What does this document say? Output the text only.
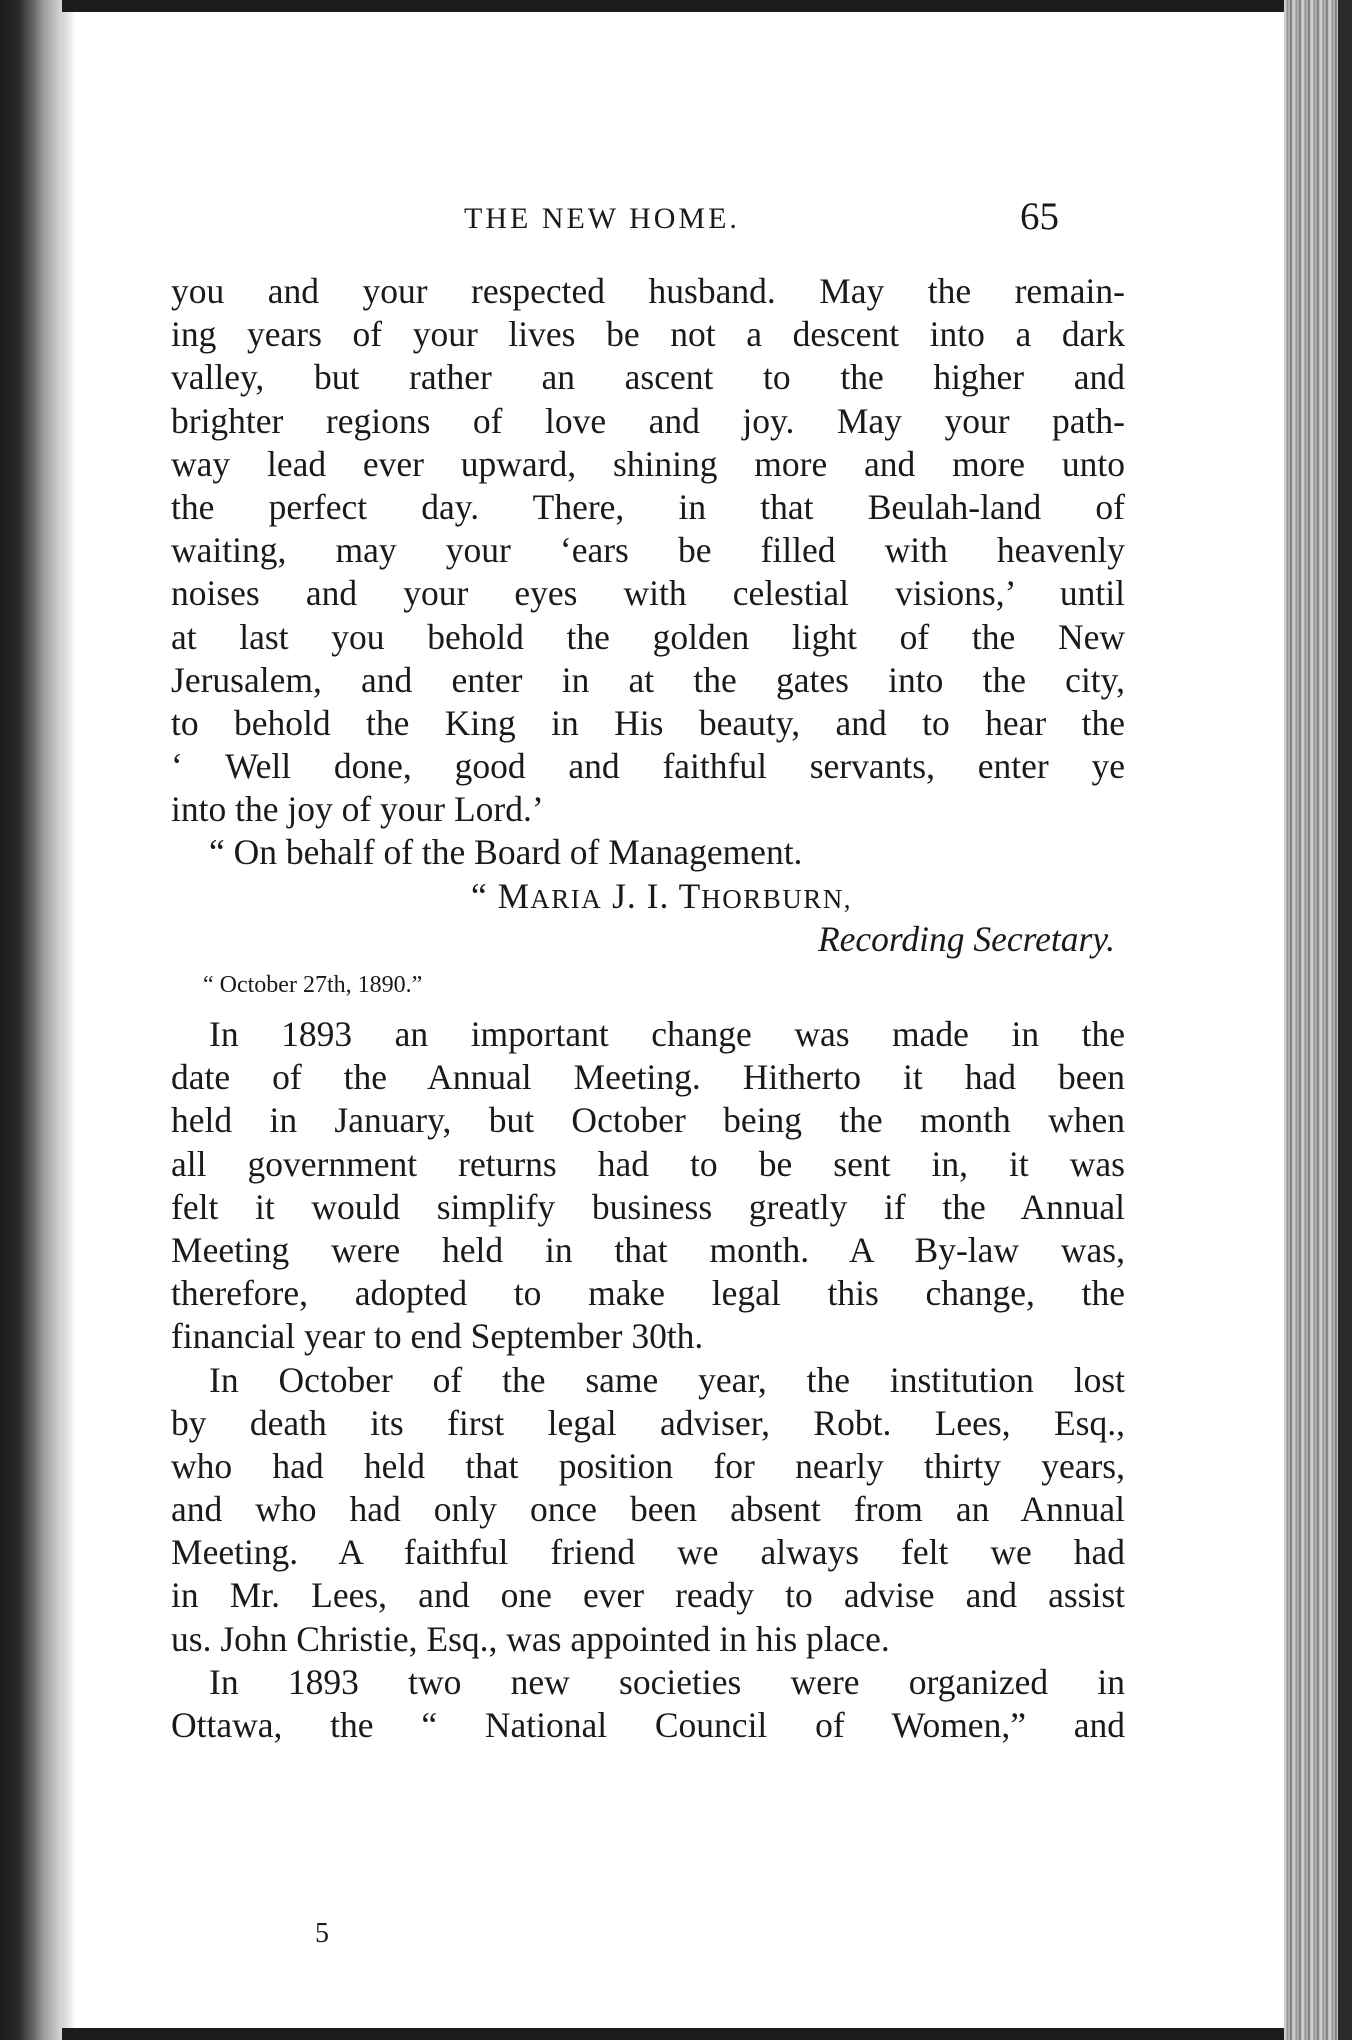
THE NEW HOME.	65
you and your respected husband. May the remain-
ing years of your lives be not a descent into a dark
valley, but rather an ascent to the higher and
brighter regions of love and joy. May your path-
way lead ever upward, shining more and more unto
the perfect day. There, in that Beulah-land of
waiting, may your ‘ears be filled with heavenly
noises and your eyes with celestial visions,’ until
at last you behold the golden light of the New
Jerusalem, and enter in at the gates into the city,
to behold the King in His beauty, and to hear the
‘ Well done, good and faithful servants, enter ye
into the joy of your Lord.’
“ On behalf of the Board of Management.
“ MARIA J. I. THORBURN,
Recording Secretary.
“ October 27th, 1890.”
In 1893 an important change was made in the
date of the Annual Meeting. Hitherto it had been
held in January, but October being the month when
all government returns had to be sent in, it was
felt it would simplify business greatly if the Annual
Meeting were held in that month. A By-law was,
therefore, adopted to make legal this change, the
financial year to end September 30th.
In October of the same year, the institution lost
by death its first legal adviser, Robt. Lees, Esq.,
who had held that position for nearly thirty years,
and who had only once been absent from an Annual
Meeting. A faithful friend we always felt we had
in Mr. Lees, and one ever ready to advise and assist
us. John Christie, Esq., was appointed in his place.
In 1893 two new societies were organized in
Ottawa, the “ National Council of Women,” and
5
